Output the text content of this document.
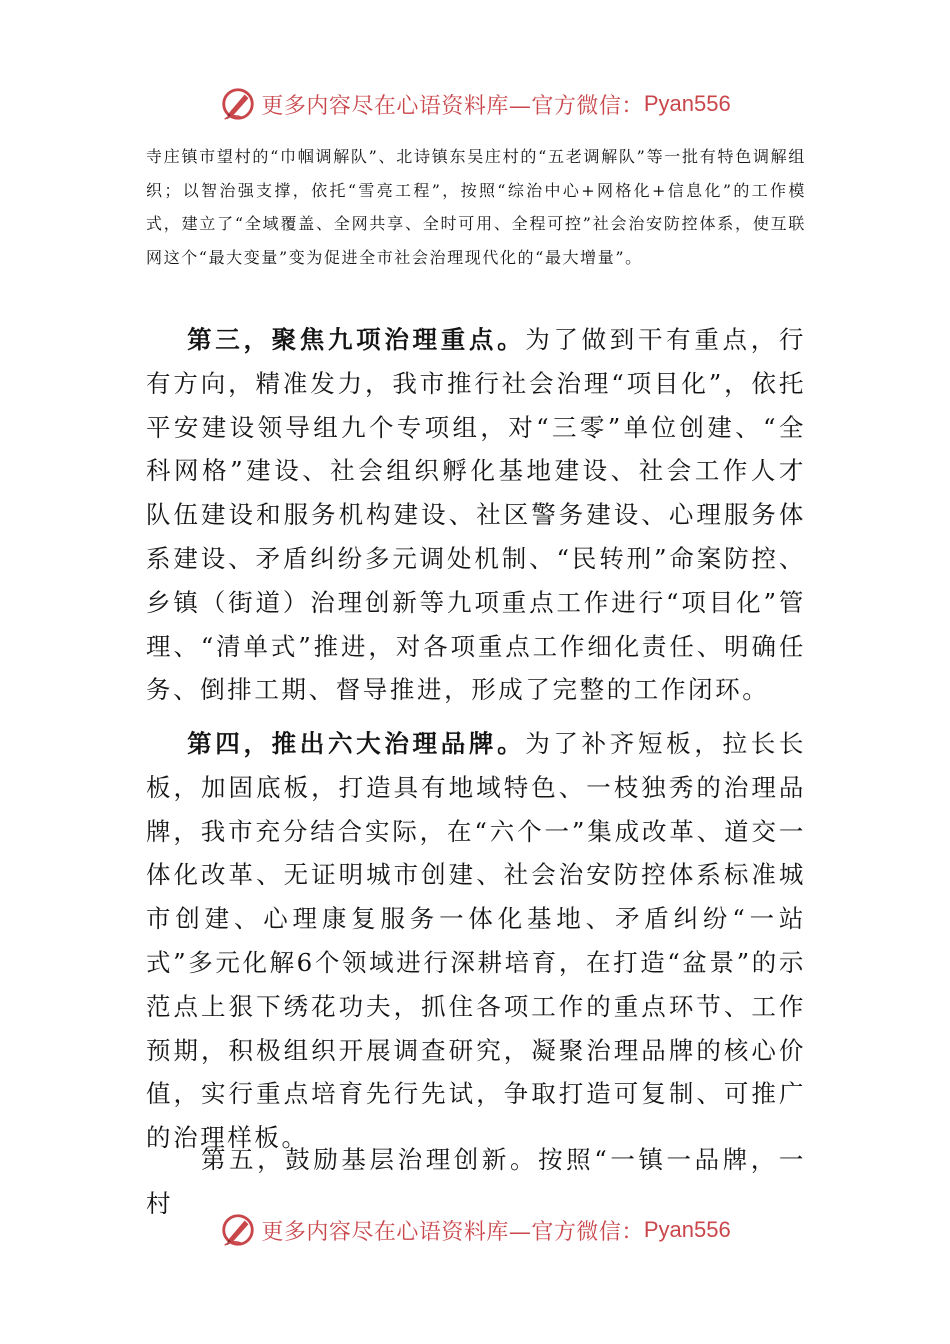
更多内容尽在心语资料库—官方微信： Pyan556

寺庄镇市望村的“巾帼调解队”、北诗镇东吴庄村的“五老调解队”等一批有特色调解组织；以智治强支撑，依托“雪亮工程”，按照“综治中心+网格化+信息化”的工作模式，建立了“全域覆盖、全网共享、全时可用、全程可控”社会治安防控体系，使互联网这个“最大变量”变为促进全市社会治理现代化的“最大增量”。

第三，聚焦九项治理重点。为了做到干有重点，行有方向，精准发力，我市推行社会治理“项目化”，依托平安建设领导组九个专项组，对“三零”单位创建、“全科网格”建设、社会组织孵化基地建设、社会工作人才队伍建设和服务机构建设、社区警务建设、心理服务体系建设、矛盾纠纷多元调处机制、“民转刑”命案防控、乡镇（街道）治理创新等九项重点工作进行“项目化”管理、“清单式”推进，对各项重点工作细化责任、明确任务、倒排工期、督导推进，形成了完整的工作闭环。

第四，推出六大治理品牌。为了补齐短板，拉长长板，加固底板，打造具有地域特色、一枝独秀的治理品牌，我市充分结合实际，在“六个一”集成改革、道交一体化改革、无证明城市创建、社会治安防控体系标准城市创建、心理康复服务一体化基地、矛盾纠纷“一站式”多元化解6个领域进行深耕培育，在打造“盆景”的示范点上狠下绣花功夫，抓住各项工作的重点环节、工作预期，积极组织开展调查研究，凝聚治理品牌的核心价值，实行重点培育先行先试，争取打造可复制、可推广的治理样板。

第五，鼓励基层治理创新。按照“一镇一品牌，一村

更多内容尽在心语资料库—官方微信： Pyan556
